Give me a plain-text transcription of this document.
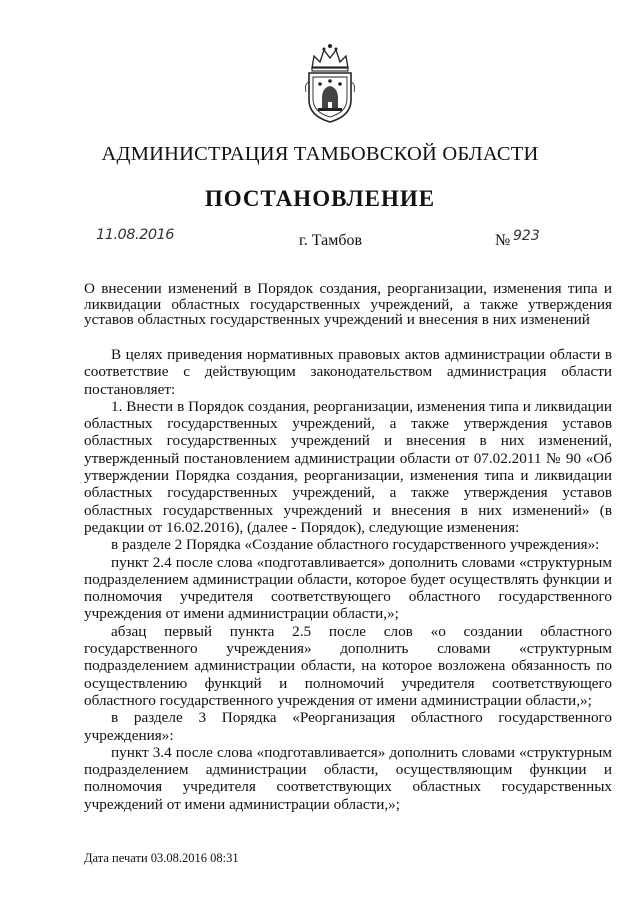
АДМИНИСТРАЦИЯ ТАМБОВСКОЙ ОБЛАСТИ
ПОСТАНОВЛЕНИЕ
11.08.2016	г. Тамбов	№ 923
О внесении изменений в Порядок создания, реорганизации, изменения типа и ликвидации областных государственных учреждений, а также утверждения уставов областных государственных учреждений и внесения в них изменений

В целях приведения нормативных правовых актов администрации области в соответствие с действующим законодательством администрация области постановляет:

1. Внести в Порядок создания, реорганизации, изменения типа и ликвидации областных государственных учреждений, а также утверждения уставов областных государственных учреждений и внесения в них изменений, утвержденный постановлением администрации области от 07.02.2011 № 90 «Об утверждении Порядка создания, реорганизации, изменения типа и ликвидации областных государственных учреждений, а также утверждения уставов областных государственных учреждений и внесения в них изменений» (в редакции от 16.02.2016), (далее - Порядок), следующие изменения:

в разделе 2 Порядка «Создание областного государственного учреждения»:

пункт 2.4 после слова «подготавливается» дополнить словами «структурным подразделением администрации области, которое будет осуществлять функции и полномочия учредителя соответствующего областного государственного учреждения от имени администрации области,»;

абзац первый пункта 2.5 после слов «о создании областного государственного учреждения» дополнить словами «структурным подразделением администрации области, на которое возложена обязанность по осуществлению функций и полномочий учредителя соответствующего областного государственного учреждения от имени администрации области,»;

в разделе 3 Порядка «Реорганизация областного государственного учреждения»:

пункт 3.4 после слова «подготавливается» дополнить словами «структурным подразделением администрации области, осуществляющим функции и полномочия учредителя соответствующих областных государственных учреждений от имени администрации области,»;

Дата печати 03.08.2016 08:31
